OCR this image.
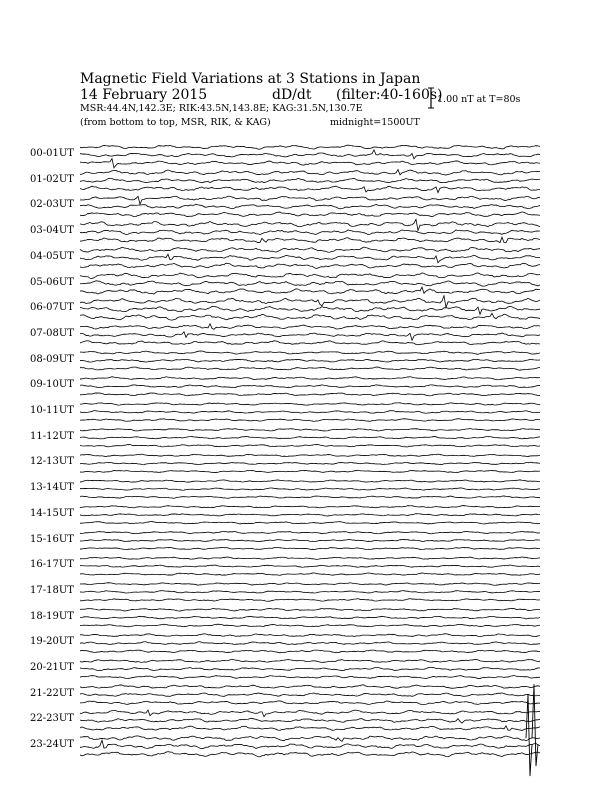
Magnetic Field Variations at 3 Stations in Japan
14 February 2015	dD/dt (filter:40-160s)
MSR:44.4N,142.3E; RIK:43.5N,143.8E; KAG:31.5N,130.7E
(from bottom to top, MSR, RIK, & KAG)	midnight=1500UT
1.00 nT at T=80s
00-01UT
01-02UT
02-03UT
03-04UT
04-05UT
05-06UT
06-07UT
07-08UT
08-09UT
09-10UT
10-11UT
11-12UT
12-13UT
13-14UT
14-15UT
15-16UT
16-17UT
17-18UT
18-19UT
19-20UT
20-21UT
21-22UT
22-23UT
23-24UT
